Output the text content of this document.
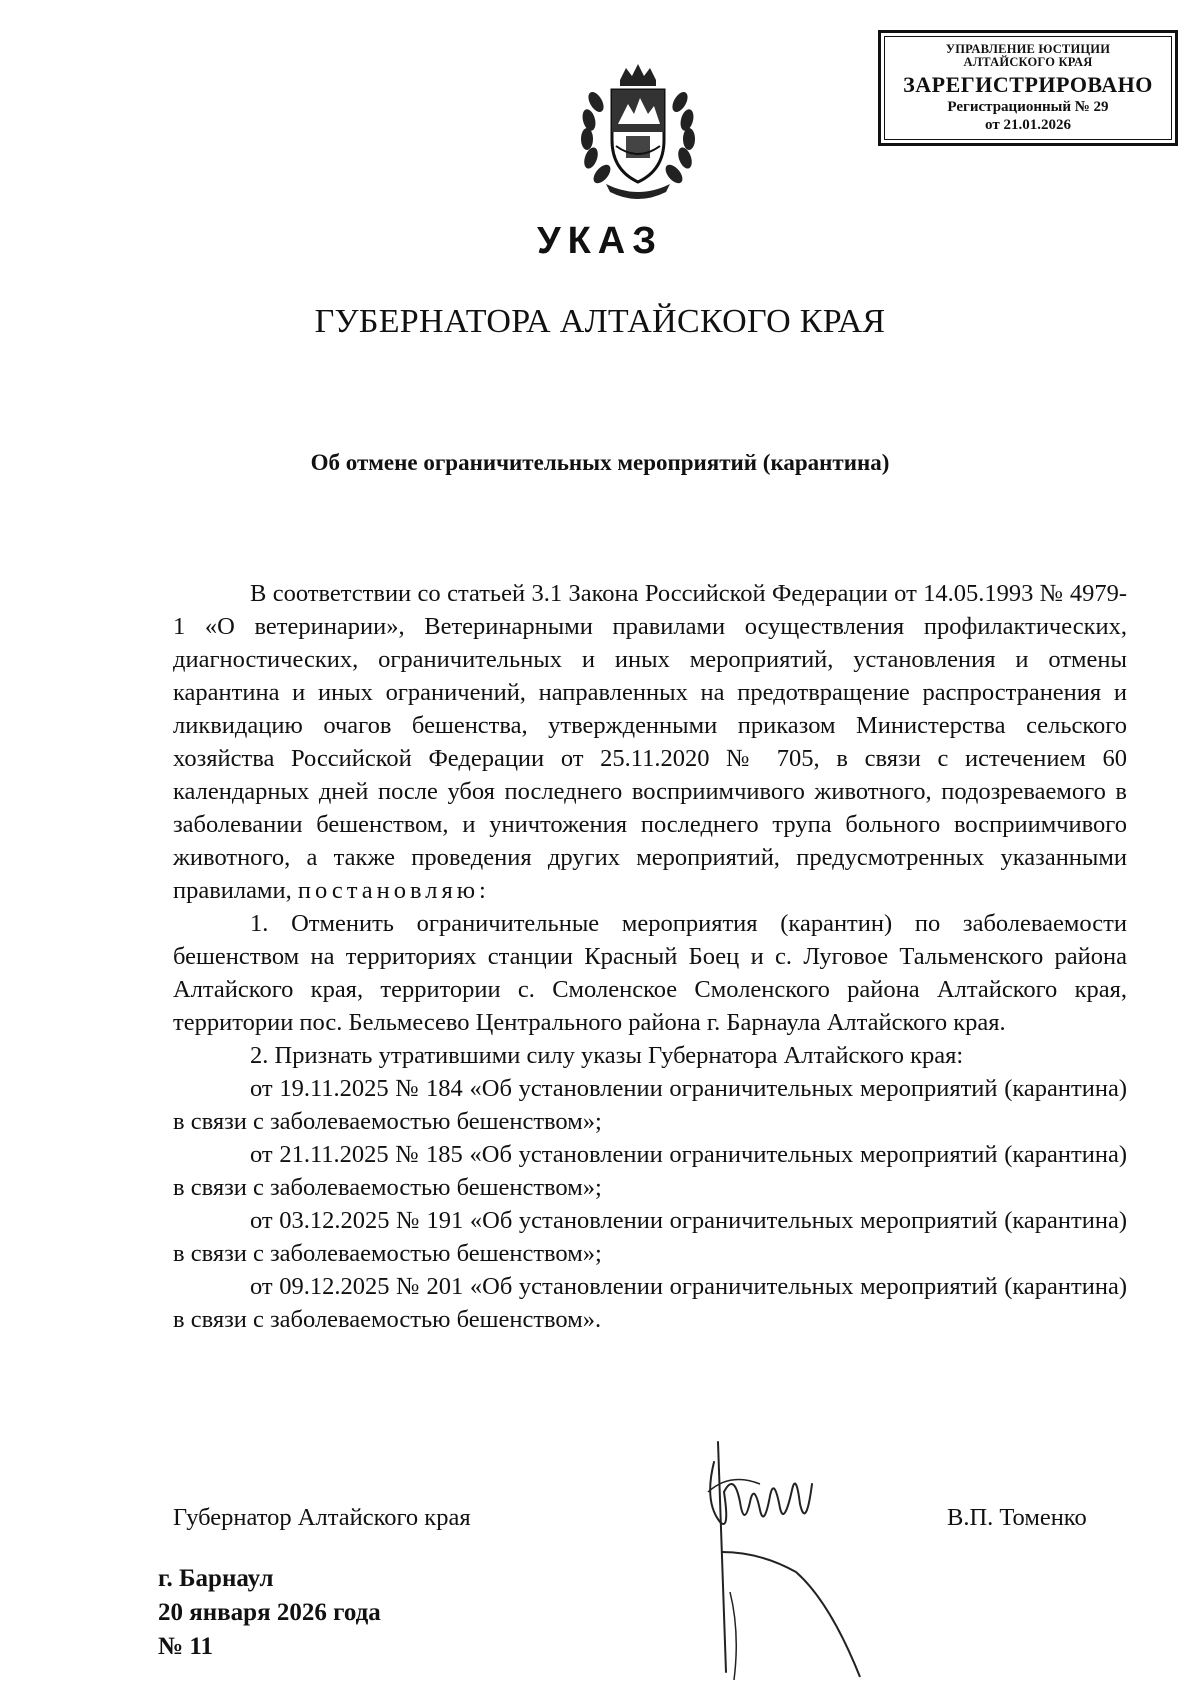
УПРАВЛЕНИЕ ЮСТИЦИИ
АЛТАЙСКОГО КРАЯ
ЗАРЕГИСТРИРОВАНО
Регистрационный № 29
от 21.01.2026
УКАЗ
ГУБЕРНАТОРА АЛТАЙСКОГО КРАЯ
Об отмене ограничительных мероприятий (карантина)

В соответствии со статьей 3.1 Закона Российской Федерации от 14.05.1993 № 4979-1 «О ветеринарии», Ветеринарными правилами осуществления профилактических, диагностических, ограничительных и иных мероприятий, установления и отмены карантина и иных ограничений, направленных на предотвращение распространения и ликвидацию очагов бешенства, утвержденными приказом Министерства сельского хозяйства Российской Федерации от 25.11.2020 № 705, в связи с истечением 60 календарных дней после убоя последнего восприимчивого животного, подозреваемого в заболевании бешенством, и уничтожения последнего трупа больного восприимчивого животного, а также проведения других мероприятий, предусмотренных указанными правилами, постановляю:

1. Отменить ограничительные мероприятия (карантин) по заболеваемости бешенством на территориях станции Красный Боец и с. Луговое Тальменского района Алтайского края, территории с. Смоленское Смоленского района Алтайского края, территории пос. Бельмесево Центрального района г. Барнаула Алтайского края.

2. Признать утратившими силу указы Губернатора Алтайского края:

от 19.11.2025 № 184 «Об установлении ограничительных мероприятий (карантина) в связи с заболеваемостью бешенством»;

от 21.11.2025 № 185 «Об установлении ограничительных мероприятий (карантина) в связи с заболеваемостью бешенством»;

от 03.12.2025 № 191 «Об установлении ограничительных мероприятий (карантина) в связи с заболеваемостью бешенством»;

от 09.12.2025 № 201 «Об установлении ограничительных мероприятий (карантина) в связи с заболеваемостью бешенством».

Губернатор Алтайского края	В.П. Томенко
г. Барнаул
20 января 2026 года
№ 11
